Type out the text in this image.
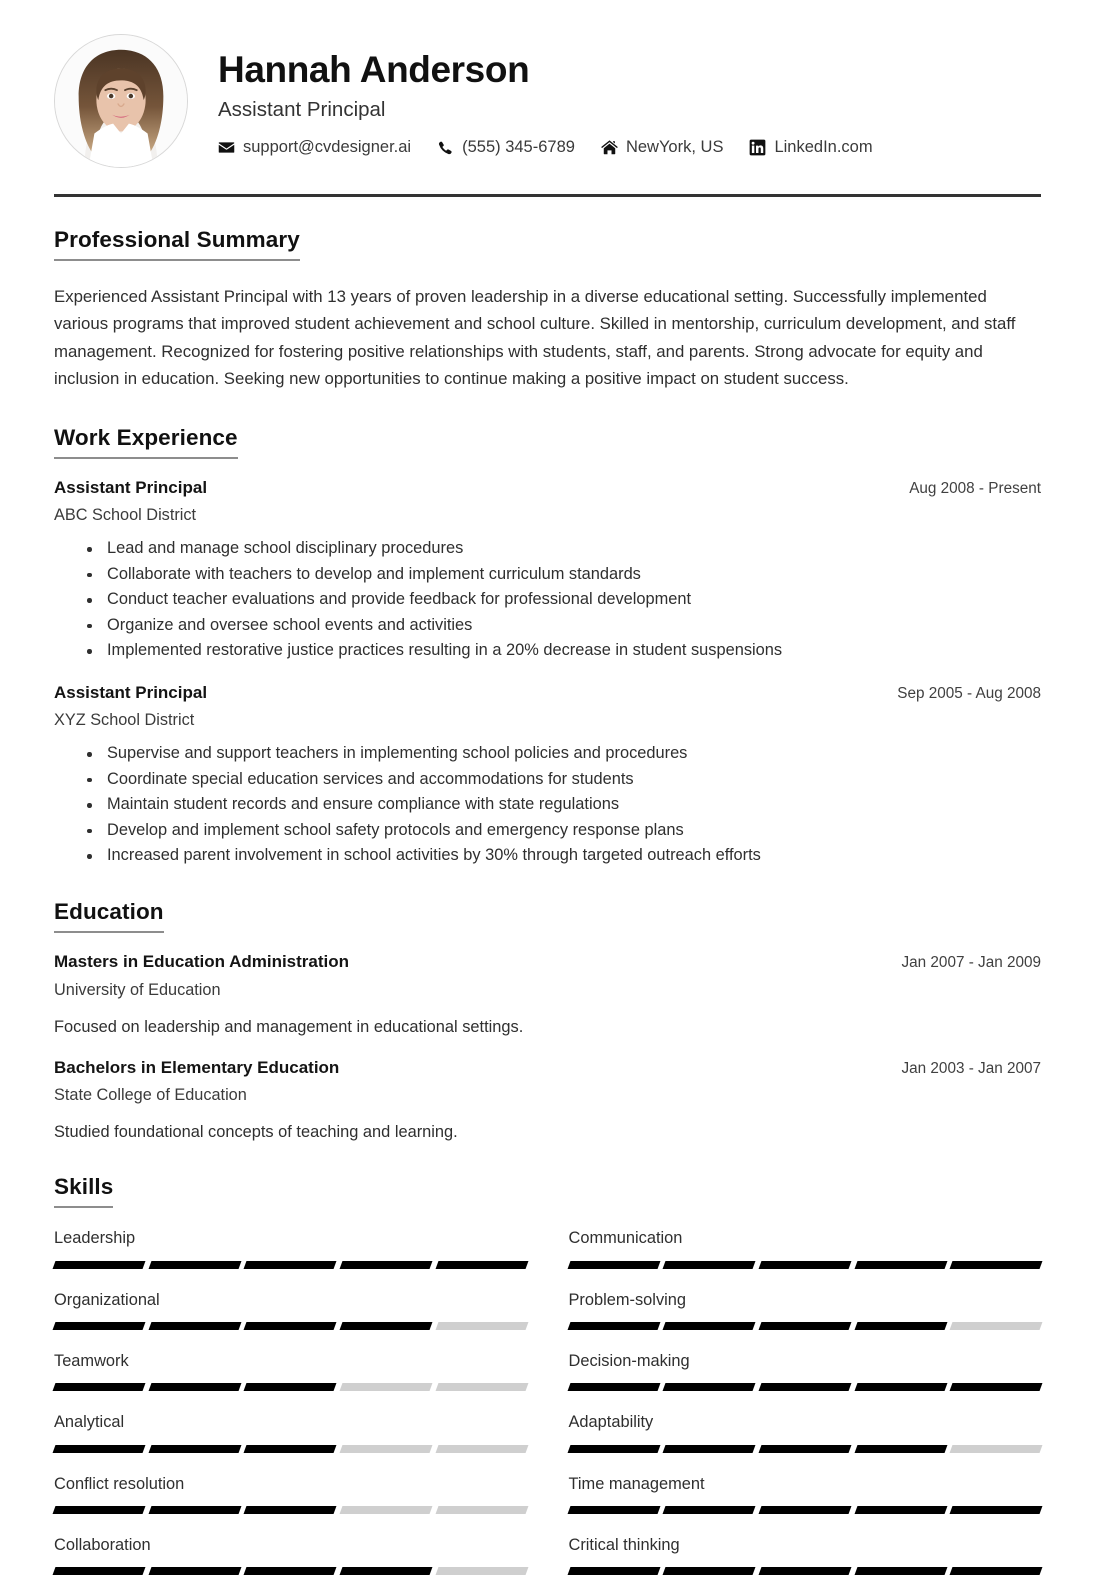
Hannah Anderson
Assistant Principal
support@cvdesigner.ai	(555) 345-6789	NewYork, US	LinkedIn.com
Professional Summary

Experienced Assistant Principal with 13 years of proven leadership in a diverse educational setting. Successfully implemented various programs that improved student achievement and school culture. Skilled in mentorship, curriculum development, and staff management. Recognized for fostering positive relationships with students, staff, and parents. Strong advocate for equity and inclusion in education. Seeking new opportunities to continue making a positive impact on student success.

Work Experience
Assistant Principal	Aug 2008 - Present
ABC School District
Lead and manage school disciplinary procedures
Collaborate with teachers to develop and implement curriculum standards
Conduct teacher evaluations and provide feedback for professional development
Organize and oversee school events and activities
Implemented restorative justice practices resulting in a 20% decrease in student suspensions
Assistant Principal	Sep 2005 - Aug 2008
XYZ School District
Supervise and support teachers in implementing school policies and procedures
Coordinate special education services and accommodations for students
Maintain student records and ensure compliance with state regulations
Develop and implement school safety protocols and emergency response plans
Increased parent involvement in school activities by 30% through targeted outreach efforts
Education
Masters in Education Administration	Jan 2007 - Jan 2009
University of Education
Focused on leadership and management in educational settings.
Bachelors in Elementary Education	Jan 2003 - Jan 2007
State College of Education
Studied foundational concepts of teaching and learning.
Skills
Leadership	Communication
Organizational	Problem-solving
Teamwork	Decision-making
Analytical	Adaptability
Conflict resolution	Time management
Collaboration	Critical thinking
